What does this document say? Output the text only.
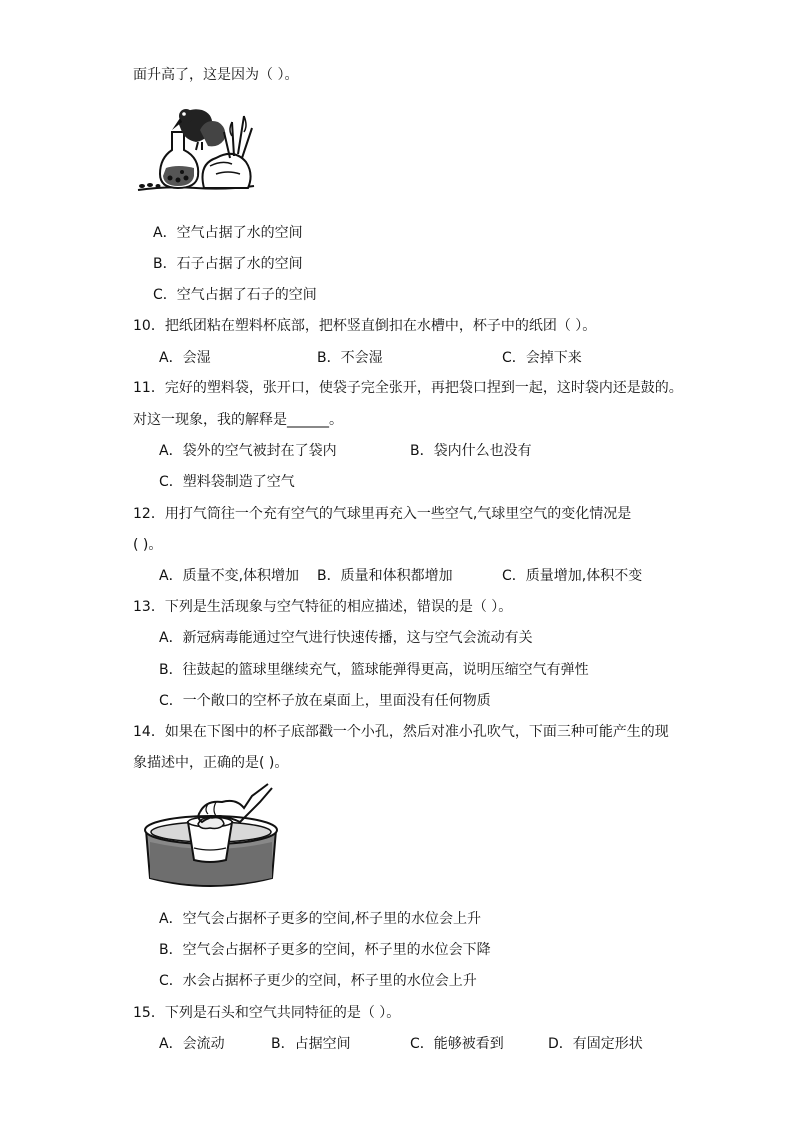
面升高了，这是因为（ ）。
A．空气占据了水的空间
B．石子占据了水的空间
C．空气占据了石子的空间
10．把纸团粘在塑料杯底部，把杯竖直倒扣在水槽中，杯子中的纸团（ ）。
A．会湿	B．不会湿	C．会掉下来
11．完好的塑料袋，张开口，使袋子完全张开，再把袋口捏到一起，这时袋内还是鼓的。
对这一现象，我的解释是______。
A．袋外的空气被封在了袋内	B．袋内什么也没有
C．塑料袋制造了空气
12．用打气筒往一个充有空气的气球里再充入一些空气,气球里空气的变化情况是
( )。
A．质量不变,体积增加 B．质量和体积都增加	C．质量增加,体积不变
13．下列是生活现象与空气特征的相应描述，错误的是（ ）。
A．新冠病毒能通过空气进行快速传播，这与空气会流动有关
B．往鼓起的篮球里继续充气，篮球能弹得更高，说明压缩空气有弹性
C．一个敞口的空杯子放在桌面上，里面没有任何物质
14．如果在下图中的杯子底部戳一个小孔，然后对准小孔吹气，下面三种可能产生的现
象描述中，正确的是( )。
A．空气会占据杯子更多的空间,杯子里的水位会上升
B．空气会占据杯子更多的空间，杯子里的水位会下降
C．水会占据杯子更少的空间，杯子里的水位会上升
15．下列是石头和空气共同特征的是（ ）。
A．会流动	B．占据空间	C．能够被看到	D．有固定形状
